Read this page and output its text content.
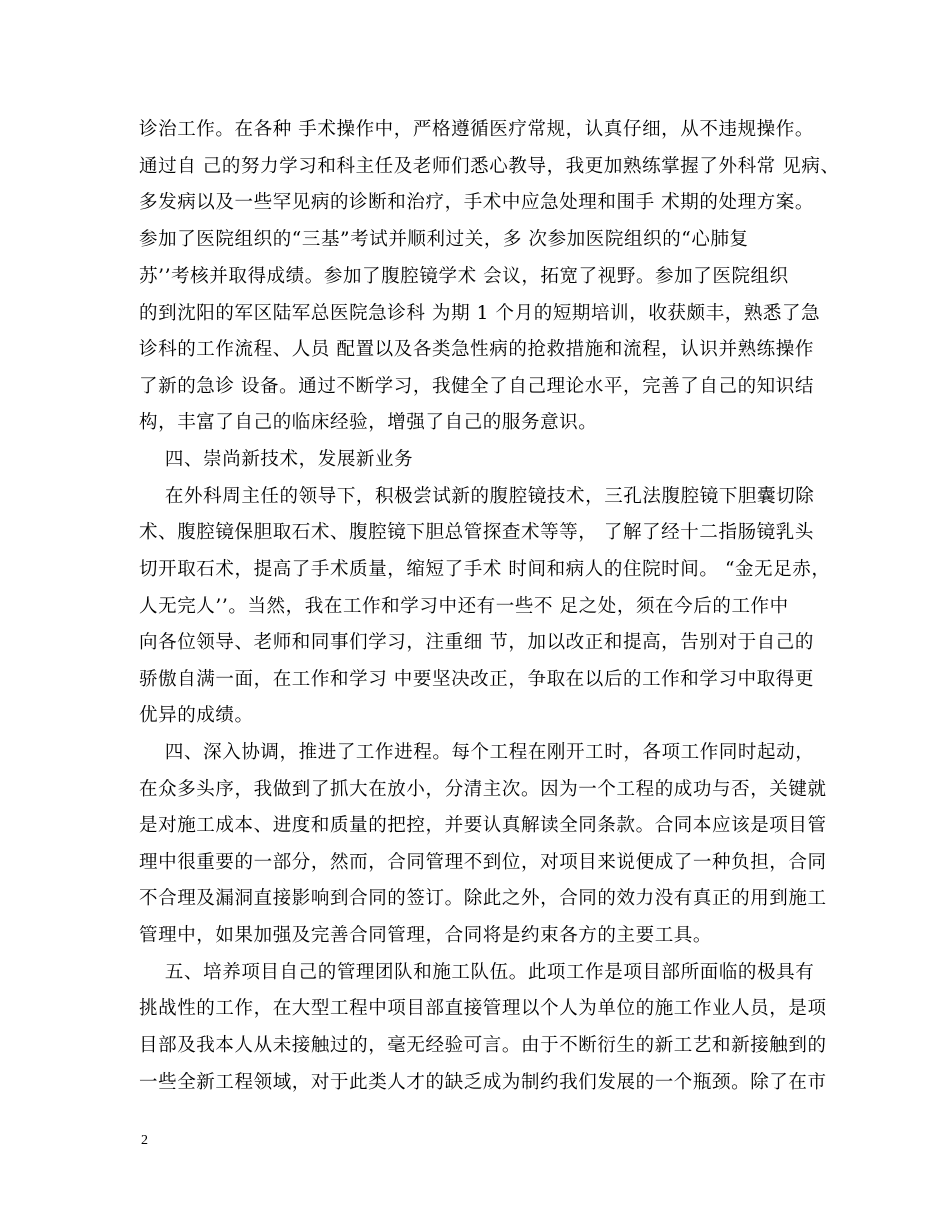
诊治工作。在各种 手术操作中，严格遵循医疗常规，认真仔细，从不违规操作。
通过自 己的努力学习和科主任及老师们悉心教导，我更加熟练掌握了外科常 见病、
多发病以及一些罕见病的诊断和治疗，手术中应急处理和围手 术期的处理方案。
参加了医院组织的“三基”考试并顺利过关，多 次参加医院组织的“心肺复
苏’’考核并取得成绩。参加了腹腔镜学术 会议，拓宽了视野。参加了医院组织
的到沈阳的军区陆军总医院急诊科 为期 1 个月的短期培训，收获颇丰，熟悉了急
诊科的工作流程、人员 配置以及各类急性病的抢救措施和流程，认识并熟练操作
了新的急诊 设备。通过不断学习，我健全了自己理论水平，完善了自己的知识结
构，丰富了自己的临床经验，增强了自己的服务意识。
四、崇尚新技术，发展新业务
在外科周主任的领导下，积极尝试新的腹腔镜技术，三孔法腹腔镜下胆囊切除
术、腹腔镜保胆取石术、腹腔镜下胆总管探查术等等， 了解了经十二指肠镜乳头
切开取石术，提高了手术质量，缩短了手术 时间和病人的住院时间。 “金无足赤，
人无完人’’。当然，我在工作和学习中还有一些不 足之处，须在今后的工作中
向各位领导、老师和同事们学习，注重细 节，加以改正和提高，告别对于自己的
骄傲自满一面，在工作和学习 中要坚决改正，争取在以后的工作和学习中取得更
优异的成绩。
四、深入协调，推进了工作进程。每个工程在刚开工时，各项工作同时起动，
在众多头序，我做到了抓大在放小，分清主次。因为一个工程的成功与否，关键就
是对施工成本、进度和质量的把控，并要认真解读全同条款。合同本应该是项目管
理中很重要的一部分，然而，合同管理不到位，对项目来说便成了一种负担，合同
不合理及漏洞直接影响到合同的签订。除此之外，合同的效力没有真正的用到施工
管理中，如果加强及完善合同管理，合同将是约束各方的主要工具。
五、培养项目自己的管理团队和施工队伍。此项工作是项目部所面临的极具有
挑战性的工作，在大型工程中项目部直接管理以个人为单位的施工作业人员，是项
目部及我本人从未接触过的，毫无经验可言。由于不断衍生的新工艺和新接触到的
一些全新工程领域，对于此类人才的缺乏成为制约我们发展的一个瓶颈。除了在市
2
